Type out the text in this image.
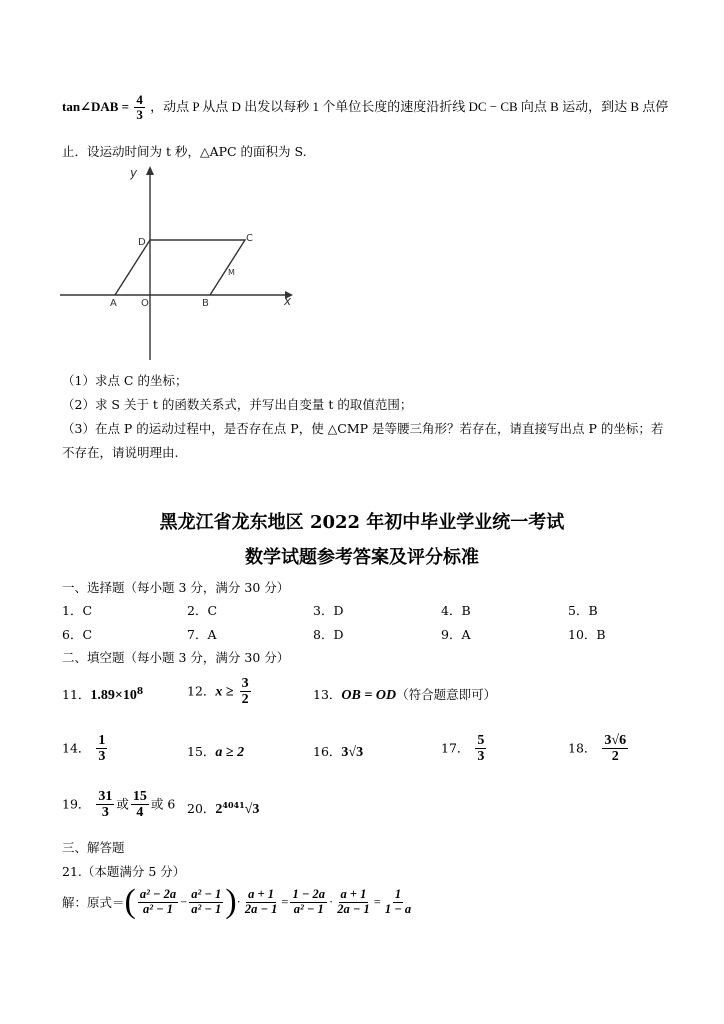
tan∠DAB = $\frac{4}{3}$ ，动点 P 从点 D 出发以每秒 1 个单位长度的速度沿折线 DC − CB 向点 B 运动，到达 B 点停
止．设运动时间为 t 秒，△APC 的面积为 S.
y
x
D	C
M
A O	B
（1）求点 C 的坐标；
（2）求 S 关于 t 的函数关系式，并写出自变量 t 的取值范围；
（3）在点 P 的运动过程中，是否存在点 P，使 △CMP 是等腰三角形？若存在，请直接写出点 P 的坐标；若
不存在，请说明理由.
黑龙江省龙东地区 2022 年初中毕业学业统一考试
数学试题参考答案及评分标准
一、选择题（每小题 3 分，满分 30 分）
1．C	2．C	3．D	4．B	5．B
6．C	7．A	8．D	9．A	10．B
二、填空题（每小题 3 分，满分 30 分）
11．$1.89\times 10^8$	12．$x \ge \frac{3}{2}$	13．OB = OD（符合题意即可）
14． $\frac{1}{3}$	15．a ≥ 2	16．3√3	17． $\frac{5}{3}$	18． $\frac{3√6}{2}$
19． $\frac{31}{3}$ 或 $\frac{15}{4}$ 或 6 20．$2^{4041}√3$
三、解答题
21.（本题满分 5 分）
解：原式＝ ( $\frac{\text{a² − 2a}}{\text{a² − 1}} - \frac{\text{a² − 1}}{\text{a² − 1}}$ ) · $\frac{a + 1}{2a - 1} = \frac{1 - 2a}{\text{a² − 1}} \cdot \frac{a + 1}{2a - 1} = \frac{1}{1 - a}$
